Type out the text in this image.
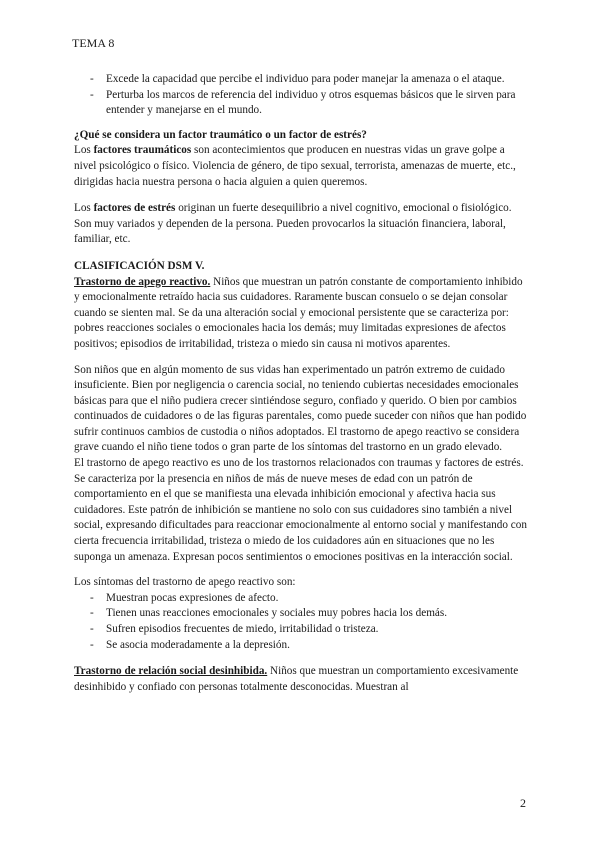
TEMA 8
- Excede la capacidad que percibe el individuo para poder manejar la amenaza o el ataque.
- Perturba los marcos de referencia del individuo y otros esquemas básicos que le sirven para entender y manejarse en el mundo.

¿Qué se considera un factor traumático o un factor de estrés?

Los factores traumáticos son acontecimientos que producen en nuestras vidas un grave golpe a nivel psicológico o físico. Violencia de género, de tipo sexual, terrorista, amenazas de muerte, etc., dirigidas hacia nuestra persona o hacia alguien a quien queremos.

Los factores de estrés originan un fuerte desequilibrio a nivel cognitivo, emocional o fisiológico. Son muy variados y dependen de la persona. Pueden provocarlos la situación financiera, laboral, familiar, etc.

CLASIFICACIÓN DSM V.

Trastorno de apego reactivo. Niños que muestran un patrón constante de comportamiento inhibido y emocionalmente retraído hacia sus cuidadores. Raramente buscan consuelo o se dejan consolar cuando se sienten mal. Se da una alteración social y emocional persistente que se caracteriza por: pobres reacciones sociales o emocionales hacia los demás; muy limitadas expresiones de afectos positivos; episodios de irritabilidad, tristeza o miedo sin causa ni motivos aparentes.

Son niños que en algún momento de sus vidas han experimentado un patrón extremo de cuidado insuficiente. Bien por negligencia o carencia social, no teniendo cubiertas necesidades emocionales básicas para que el niño pudiera crecer sintiéndose seguro, confiado y querido. O bien por cambios continuados de cuidadores o de las figuras parentales, como puede suceder con niños que han podido sufrir continuos cambios de custodia o niños adoptados. El trastorno de apego reactivo se considera grave cuando el niño tiene todos o gran parte de los síntomas del trastorno en un grado elevado.

El trastorno de apego reactivo es uno de los trastornos relacionados con traumas y factores de estrés. Se caracteriza por la presencia en niños de más de nueve meses de edad con un patrón de comportamiento en el que se manifiesta una elevada inhibición emocional y afectiva hacia sus cuidadores. Este patrón de inhibición se mantiene no solo con sus cuidadores sino también a nivel social, expresando dificultades para reaccionar emocionalmente al entorno social y manifestando con cierta frecuencia irritabilidad, tristeza o miedo de los cuidadores aún en situaciones que no les suponga un amenaza. Expresan pocos sentimientos o emociones positivas en la interacción social.

Los síntomas del trastorno de apego reactivo son:

- Muestran pocas expresiones de afecto.
- Tienen unas reacciones emocionales y sociales muy pobres hacia los demás.
- Sufren episodios frecuentes de miedo, irritabilidad o tristeza.
- Se asocia moderadamente a la depresión.

Trastorno de relación social desinhibida. Niños que muestran un comportamiento excesivamente desinhibido y confiado con personas totalmente desconocidas. Muestran al

2
